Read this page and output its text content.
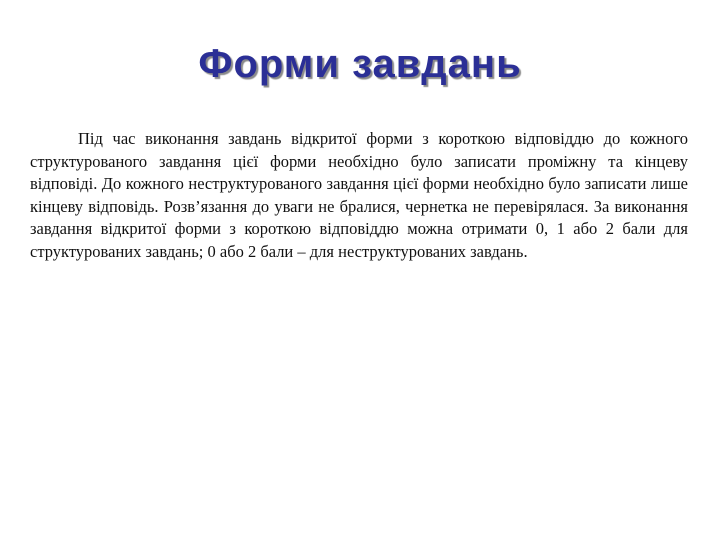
Форми завдань

Під час виконання завдань відкритої форми з короткою відповіддю до кожного структурованого завдання цієї форми необхідно було записати проміжну та кінцеву відповіді. До кожного неструктурованого завдання цієї форми необхідно було записати лише кінцеву відповідь. Розв’язання до уваги не бралися, чернетка не перевірялася. За виконання завдання відкритої форми з короткою відповіддю можна отримати 0, 1 або 2 бали для структурованих завдань; 0 або 2 бали – для неструктурованих завдань.
